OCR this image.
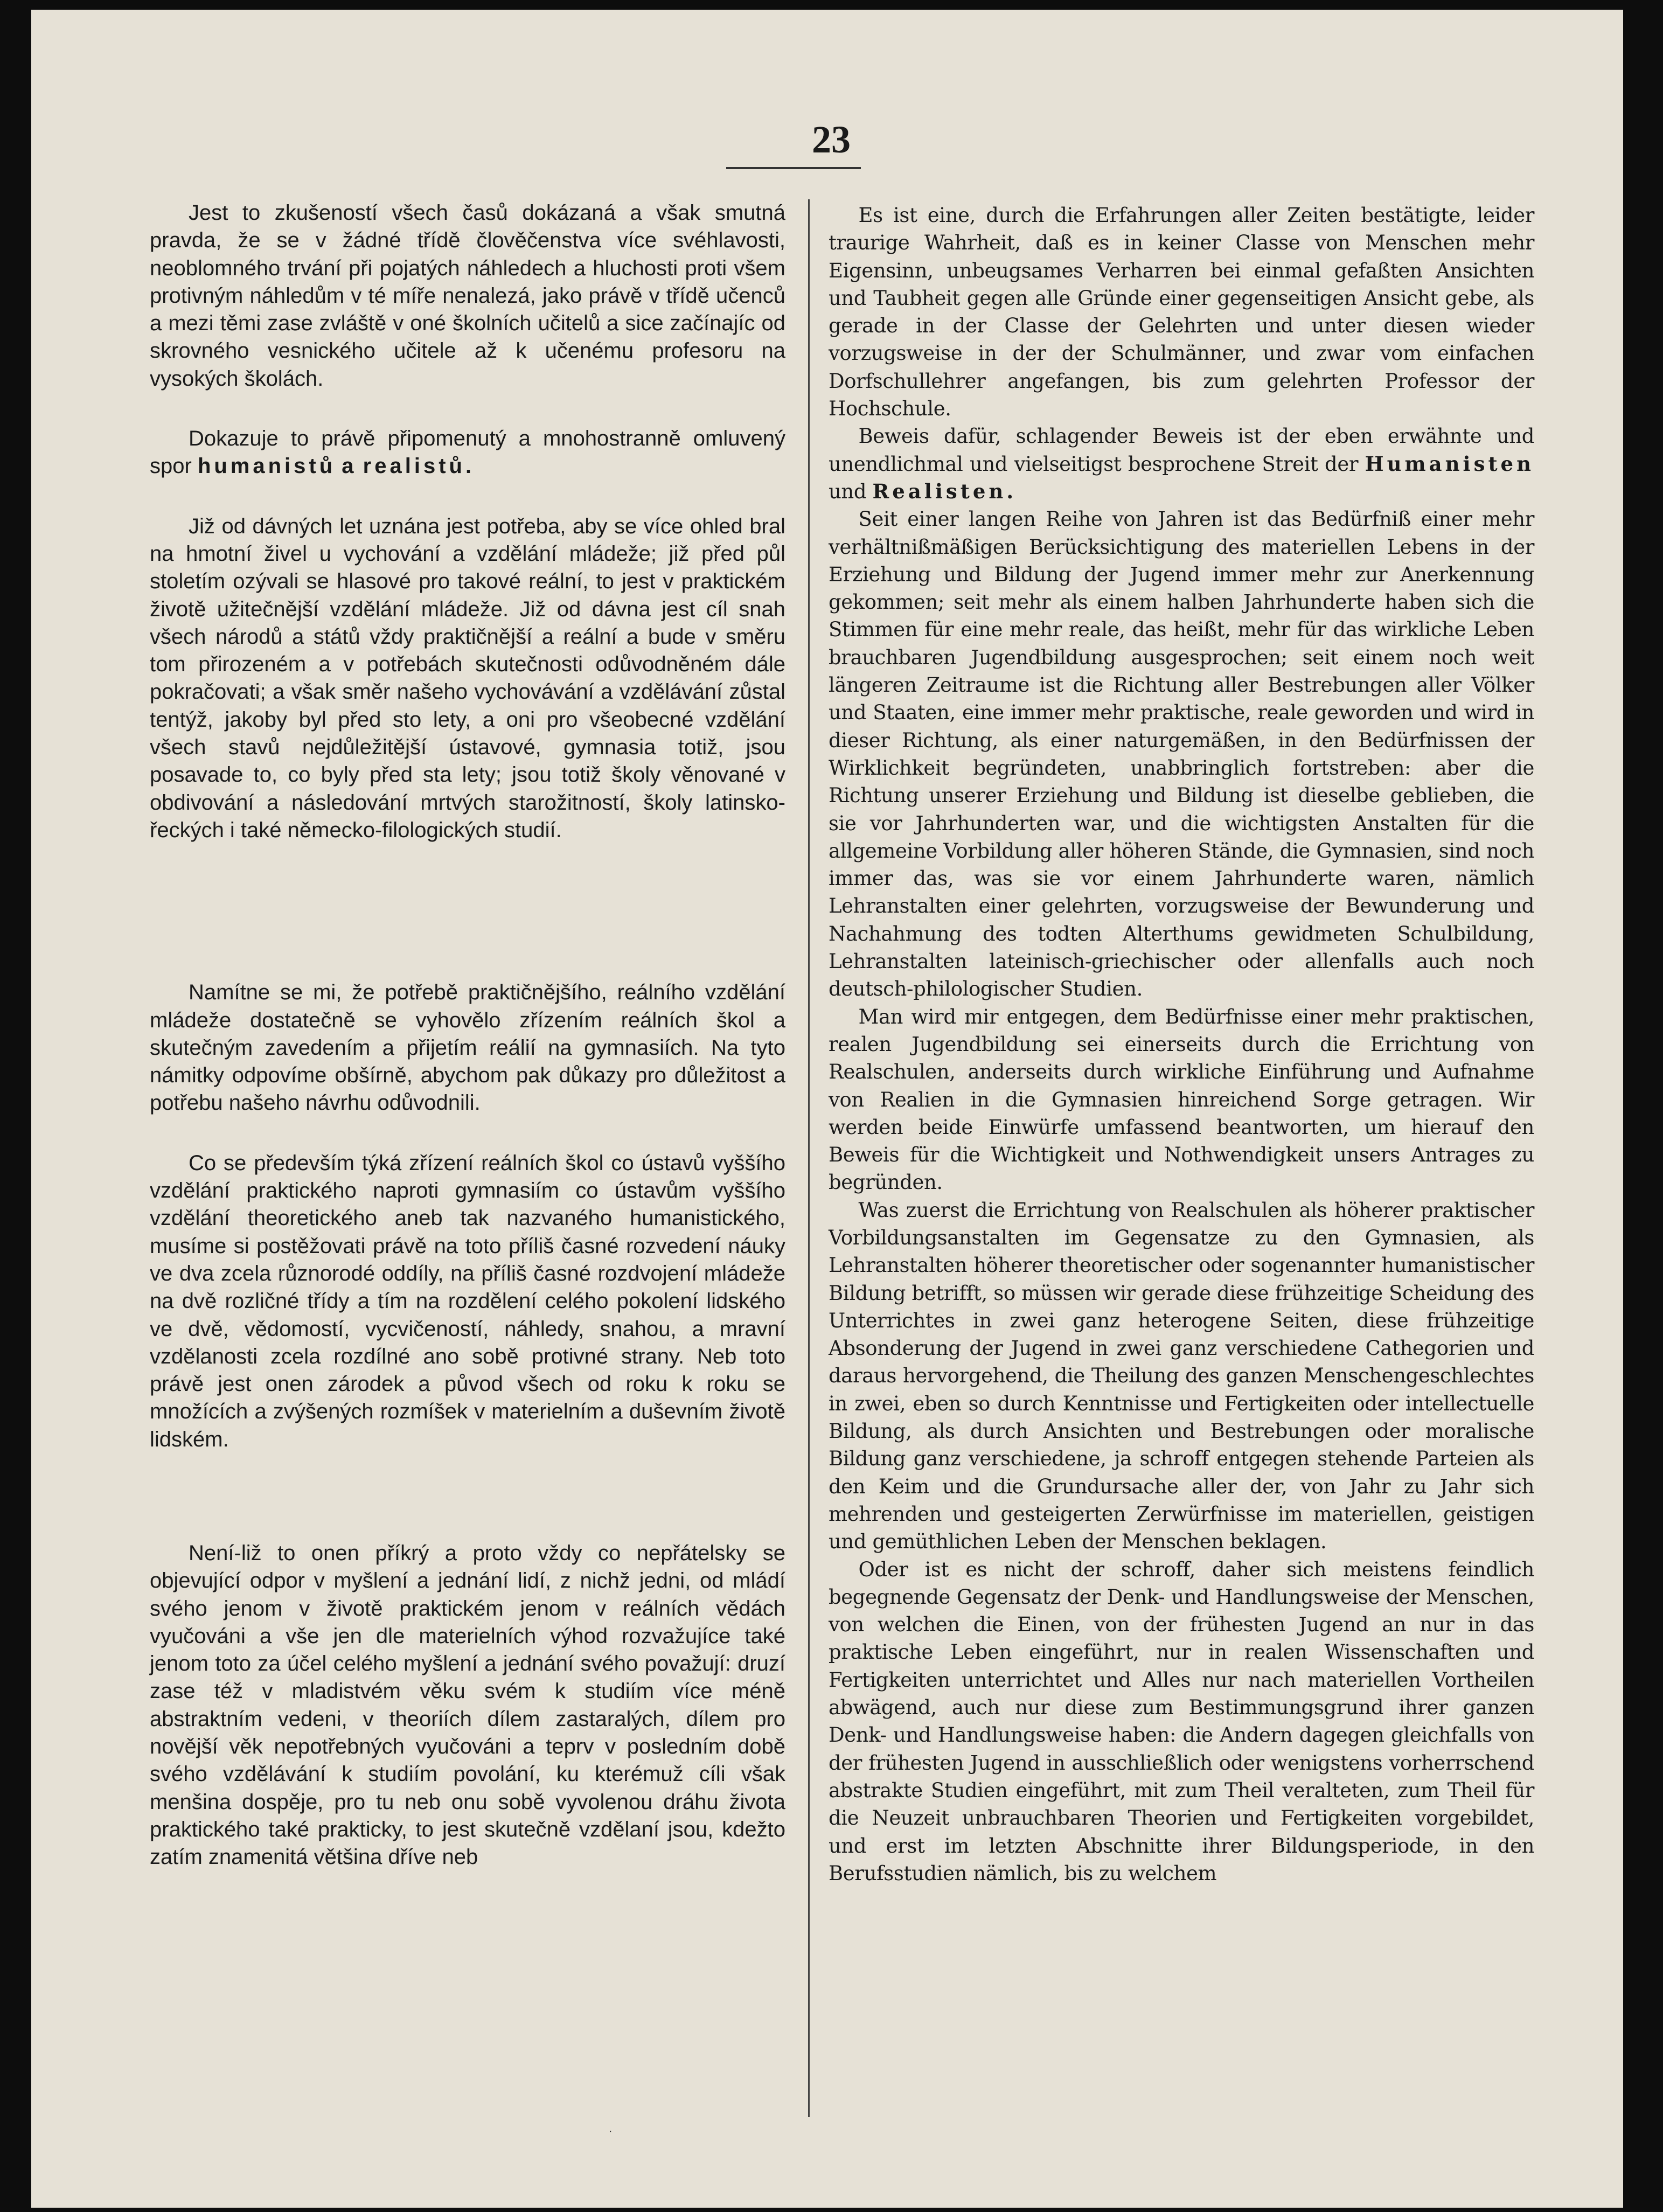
23

Jest to zkušeností všech časů dokázaná a však smutná pravda, že se v žádné třídě člověčenstva více svéhlavosti, neoblomného trvání při pojatých náhledech a hluchosti proti všem protivným náhledům v té míře nenalezá, jako právě v třídě učenců a mezi těmi zase zvláště v oné školních učitelů a sice začínajíc od skrovného vesnického učitele až k učenému profesoru na vysokých školách.

Dokazuje to právě připomenutý a mnohostranně omluvený spor humanistů a realistů.

Již od dávných let uznána jest potřeba, aby se více ohled bral na hmotní živel u vychování a vzdělání mládeže; již před půl stoletím ozývali se hlasové pro takové reální, to jest v praktickém životě užitečnější vzdělání mládeže. Již od dávna jest cíl snah všech národů a států vždy praktičnější a reální a bude v směru tom přirozeném a v potřebách skutečnosti odůvodněném dále pokračovati; a však směr našeho vychovávání a vzdělávání zůstal tentýž, jakoby byl před sto lety, a oni pro všeobecné vzdělání všech stavů nejdůležitější ústavové, gymnasia totiž, jsou posavade to, co byly před sta lety; jsou totiž školy věnované v obdivování a následování mrtvých starožitností, školy latinsko-řeckých i také německo-filologických studií.

Namítne se mi, že potřebě praktičnějšího, reálního vzdělání mládeže dostatečně se vyhovělo zřízením reálních škol a skutečným zavedením a přijetím reálií na gymnasiích. Na tyto námitky odpovíme obšírně, abychom pak důkazy pro důležitost a potřebu našeho návrhu odůvodnili.

Co se především týká zřízení reálních škol co ústavů vyššího vzdělání praktického naproti gymnasiím co ústavům vyššího vzdělání theoretického aneb tak nazvaného humanistického, musíme si postěžovati právě na toto příliš časné rozvedení náuky ve dva zcela různorodé oddíly, na příliš časné rozdvojení mládeže na dvě rozličné třídy a tím na rozdělení celého pokolení lidského ve dvě, vědomostí, vycvičeností, náhledy, snahou, a mravní vzdělanosti zcela rozdílné ano sobě protivné strany. Neb toto právě jest onen zárodek a původ všech od roku k roku se množících a zvýšených rozmíšek v materielním a duševním životě lidském.

Není-liž to onen příkrý a proto vždy co nepřátelsky se objevující odpor v myšlení a jednání lidí, z nichž jedni, od mládí svého jenom v životě praktickém jenom v reálních vědách vyučováni a vše jen dle materielních výhod rozvažujíce také jenom toto za účel celého myšlení a jednání svého považují: druzí zase též v mladistvém věku svém k studiím více méně abstraktním vedeni, v theoriích dílem zastaralých, dílem pro novější věk nepotřebných vyučováni a teprv v posledním době svého vzdělávání k studiím povolání, ku kterémuž cíli však menšina dospěje, pro tu neb onu sobě vyvolenou dráhu života praktického také prakticky, to jest skutečně vzdělaní jsou, kdežto zatím znamenitá většina dříve neb

Es ist eine, durch die Erfahrungen aller Zeiten bestätigte, leider traurige Wahrheit, daß es in keiner Classe von Menschen mehr Eigensinn, unbeugsames Verharren bei einmal gefaßten Ansichten und Taubheit gegen alle Gründe einer gegenseitigen Ansicht gebe, als gerade in der Classe der Gelehrten und unter diesen wieder vorzugsweise in der der Schulmänner, und zwar vom einfachen Dorfschullehrer angefangen, bis zum gelehrten Professor der Hochschule.

Beweis dafür, schlagender Beweis ist der eben erwähnte und unendlichmal und vielseitigst besprochene Streit der Humanisten und Realisten.

Seit einer langen Reihe von Jahren ist das Bedürfniß einer mehr verhältnißmäßigen Berücksichtigung des materiellen Lebens in der Erziehung und Bildung der Jugend immer mehr zur Anerkennung gekommen; seit mehr als einem halben Jahrhunderte haben sich die Stimmen für eine mehr reale, das heißt, mehr für das wirkliche Leben brauchbaren Jugendbildung ausgesprochen; seit einem noch weit längeren Zeitraume ist die Richtung aller Bestrebungen aller Völker und Staaten, eine immer mehr praktische, reale geworden und wird in dieser Richtung, als einer naturgemäßen, in den Bedürfnissen der Wirklichkeit begründeten, unabbringlich fortstreben: aber die Richtung unserer Erziehung und Bildung ist dieselbe geblieben, die sie vor Jahrhunderten war, und die wichtigsten Anstalten für die allgemeine Vorbildung aller höheren Stände, die Gymnasien, sind noch immer das, was sie vor einem Jahrhunderte waren, nämlich Lehranstalten einer gelehrten, vorzugsweise der Bewunderung und Nachahmung des todten Alterthums gewidmeten Schulbildung, Lehranstalten lateinisch-griechischer oder allenfalls auch noch deutsch-philologischer Studien.

Man wird mir entgegen, dem Bedürfnisse einer mehr praktischen, realen Jugendbildung sei einerseits durch die Errichtung von Realschulen, anderseits durch wirkliche Einführung und Aufnahme von Realien in die Gymnasien hinreichend Sorge getragen. Wir werden beide Einwürfe umfassend beantworten, um hierauf den Beweis für die Wichtigkeit und Nothwendigkeit unsers Antrages zu begründen.

Was zuerst die Errichtung von Realschulen als höherer praktischer Vorbildungsanstalten im Gegensatze zu den Gymnasien, als Lehranstalten höherer theoretischer oder sogenannter humanistischer Bildung betrifft, so müssen wir gerade diese frühzeitige Scheidung des Unterrichtes in zwei ganz heterogene Seiten, diese frühzeitige Absonderung der Jugend in zwei ganz verschiedene Cathegorien und daraus hervorgehend, die Theilung des ganzen Menschengeschlechtes in zwei, eben so durch Kenntnisse und Fertigkeiten oder intellectuelle Bildung, als durch Ansichten und Bestrebungen oder moralische Bildung ganz verschiedene, ja schroff entgegen stehende Parteien als den Keim und die Grundursache aller der, von Jahr zu Jahr sich mehrenden und gesteigerten Zerwürfnisse im materiellen, geistigen und gemüthlichen Leben der Menschen beklagen.

Oder ist es nicht der schroff, daher sich meistens feindlich begegnende Gegensatz der Denk- und Handlungsweise der Menschen, von welchen die Einen, von der frühesten Jugend an nur in das praktische Leben eingeführt, nur in realen Wissenschaften und Fertigkeiten unterrichtet und Alles nur nach materiellen Vortheilen abwägend, auch nur diese zum Bestimmungsgrund ihrer ganzen Denk- und Handlungsweise haben: die Andern dagegen gleichfalls von der frühesten Jugend in ausschließlich oder wenigstens vorherrschend abstrakte Studien eingeführt, mit zum Theil veralteten, zum Theil für die Neuzeit unbrauchbaren Theorien und Fertigkeiten vorgebildet, und erst im letzten Abschnitte ihrer Bildungsperiode, in den Berufsstudien nämlich, bis zu welchem

·
